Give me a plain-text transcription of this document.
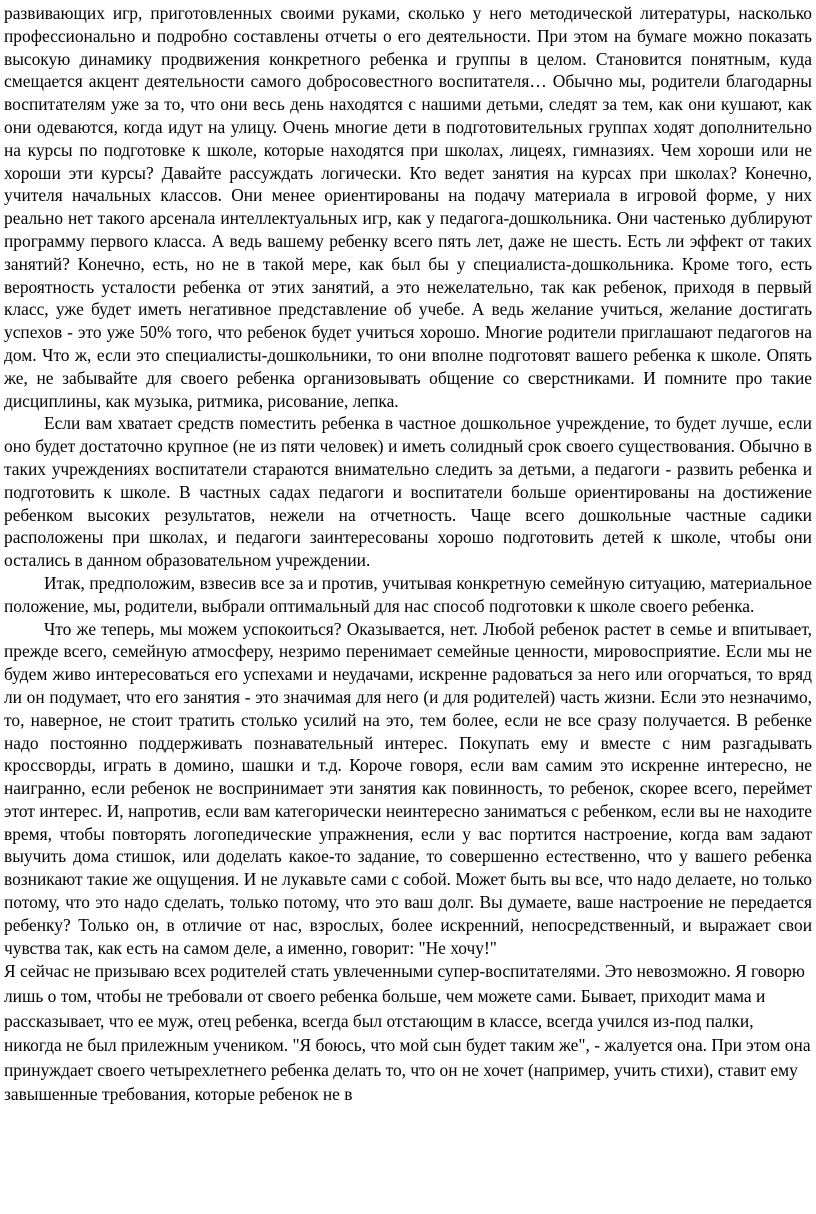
развивающих игр, приготовленных своими руками, сколько у него методической литературы, насколько профессионально и подробно составлены отчеты о его деятельности. При этом на бумаге можно показать высокую динамику продвижения конкретного ребенка и группы в целом. Становится понятным, куда смещается акцент деятельности самого добросовестного воспитателя… Обычно мы, родители благодарны воспитателям уже за то, что они весь день находятся с нашими детьми, следят за тем, как они кушают, как они одеваются, когда идут на улицу. Очень многие дети в подготовительных группах ходят дополнительно на курсы по подготовке к школе, которые находятся при школах, лицеях, гимназиях. Чем хороши или не хороши эти курсы? Давайте рассуждать логически. Кто ведет занятия на курсах при школах? Конечно, учителя начальных классов. Они менее ориентированы на подачу материала в игровой форме, у них реально нет такого арсенала интеллектуальных игр, как у педагога-дошкольника. Они частенько дублируют программу первого класса. А ведь вашему ребенку всего пять лет, даже не шесть. Есть ли эффект от таких занятий? Конечно, есть, но не в такой мере, как был бы у специалиста-дошкольника. Кроме того, есть вероятность усталости ребенка от этих занятий, а это нежелательно, так как ребенок, приходя в первый класс, уже будет иметь негативное представление об учебе. А ведь желание учиться, желание достигать успехов - это уже 50% того, что ребенок будет учиться хорошо. Многие родители приглашают педагогов на дом. Что ж, если это специалисты-дошкольники, то они вполне подготовят вашего ребенка к школе. Опять же, не забывайте для своего ребенка организовывать общение со сверстниками. И помните про такие дисциплины, как музыка, ритмика, рисование, лепка.

Если вам хватает средств поместить ребенка в частное дошкольное учреждение, то будет лучше, если оно будет достаточно крупное (не из пяти человек) и иметь солидный срок своего существования. Обычно в таких учреждениях воспитатели стараются внимательно следить за детьми, а педагоги - развить ребенка и подготовить к школе. В частных садах педагоги и воспитатели больше ориентированы на достижение ребенком высоких результатов, нежели на отчетность. Чаще всего дошкольные частные садики расположены при школах, и педагоги заинтересованы хорошо подготовить детей к школе, чтобы они остались в данном образовательном учреждении.

Итак, предположим, взвесив все за и против, учитывая конкретную семейную ситуацию, материальное положение, мы, родители, выбрали оптимальный для нас способ подготовки к школе своего ребенка.

Что же теперь, мы можем успокоиться? Оказывается, нет. Любой ребенок растет в семье и впитывает, прежде всего, семейную атмосферу, незримо перенимает семейные ценности, мировосприятие. Если мы не будем живо интересоваться его успехами и неудачами, искренне радоваться за него или огорчаться, то вряд ли он подумает, что его занятия - это значимая для него (и для родителей) часть жизни. Если это незначимо, то, наверное, не стоит тратить столько усилий на это, тем более, если не все сразу получается. В ребенке надо постоянно поддерживать познавательный интерес. Покупать ему и вместе с ним разгадывать кроссворды, играть в домино, шашки и т.д. Короче говоря, если вам самим это искренне интересно, не наигранно, если ребенок не воспринимает эти занятия как повинность, то ребенок, скорее всего, переймет этот интерес. И, напротив, если вам категорически неинтересно заниматься с ребенком, если вы не находите время, чтобы повторять логопедические упражнения, если у вас портится настроение, когда вам задают выучить дома стишок, или доделать какое-то задание, то совершенно естественно, что у вашего ребенка возникают такие же ощущения. И не лукавьте сами с собой. Может быть вы все, что надо делаете, но только потому, что это надо сделать, только потому, что это ваш долг. Вы думаете, ваше настроение не передается ребенку? Только он, в отличие от нас, взрослых, более искренний, непосредственный, и выражает свои чувства так, как есть на самом деле, а именно, говорит: "Не хочу!"

Я сейчас не призываю всех родителей стать увлеченными супер-воспитателями. Это невозможно. Я говорю лишь о том, чтобы не требовали от своего ребенка больше, чем можете сами. Бывает, приходит мама и рассказывает, что ее муж, отец ребенка, всегда был отстающим в классе, всегда учился из-под палки, никогда не был прилежным учеником. "Я боюсь, что мой сын будет таким же", - жалуется она. При этом она принуждает своего четырехлетнего ребенка делать то, что он не хочет (например, учить стихи), ставит ему завышенные требования, которые ребенок не в
